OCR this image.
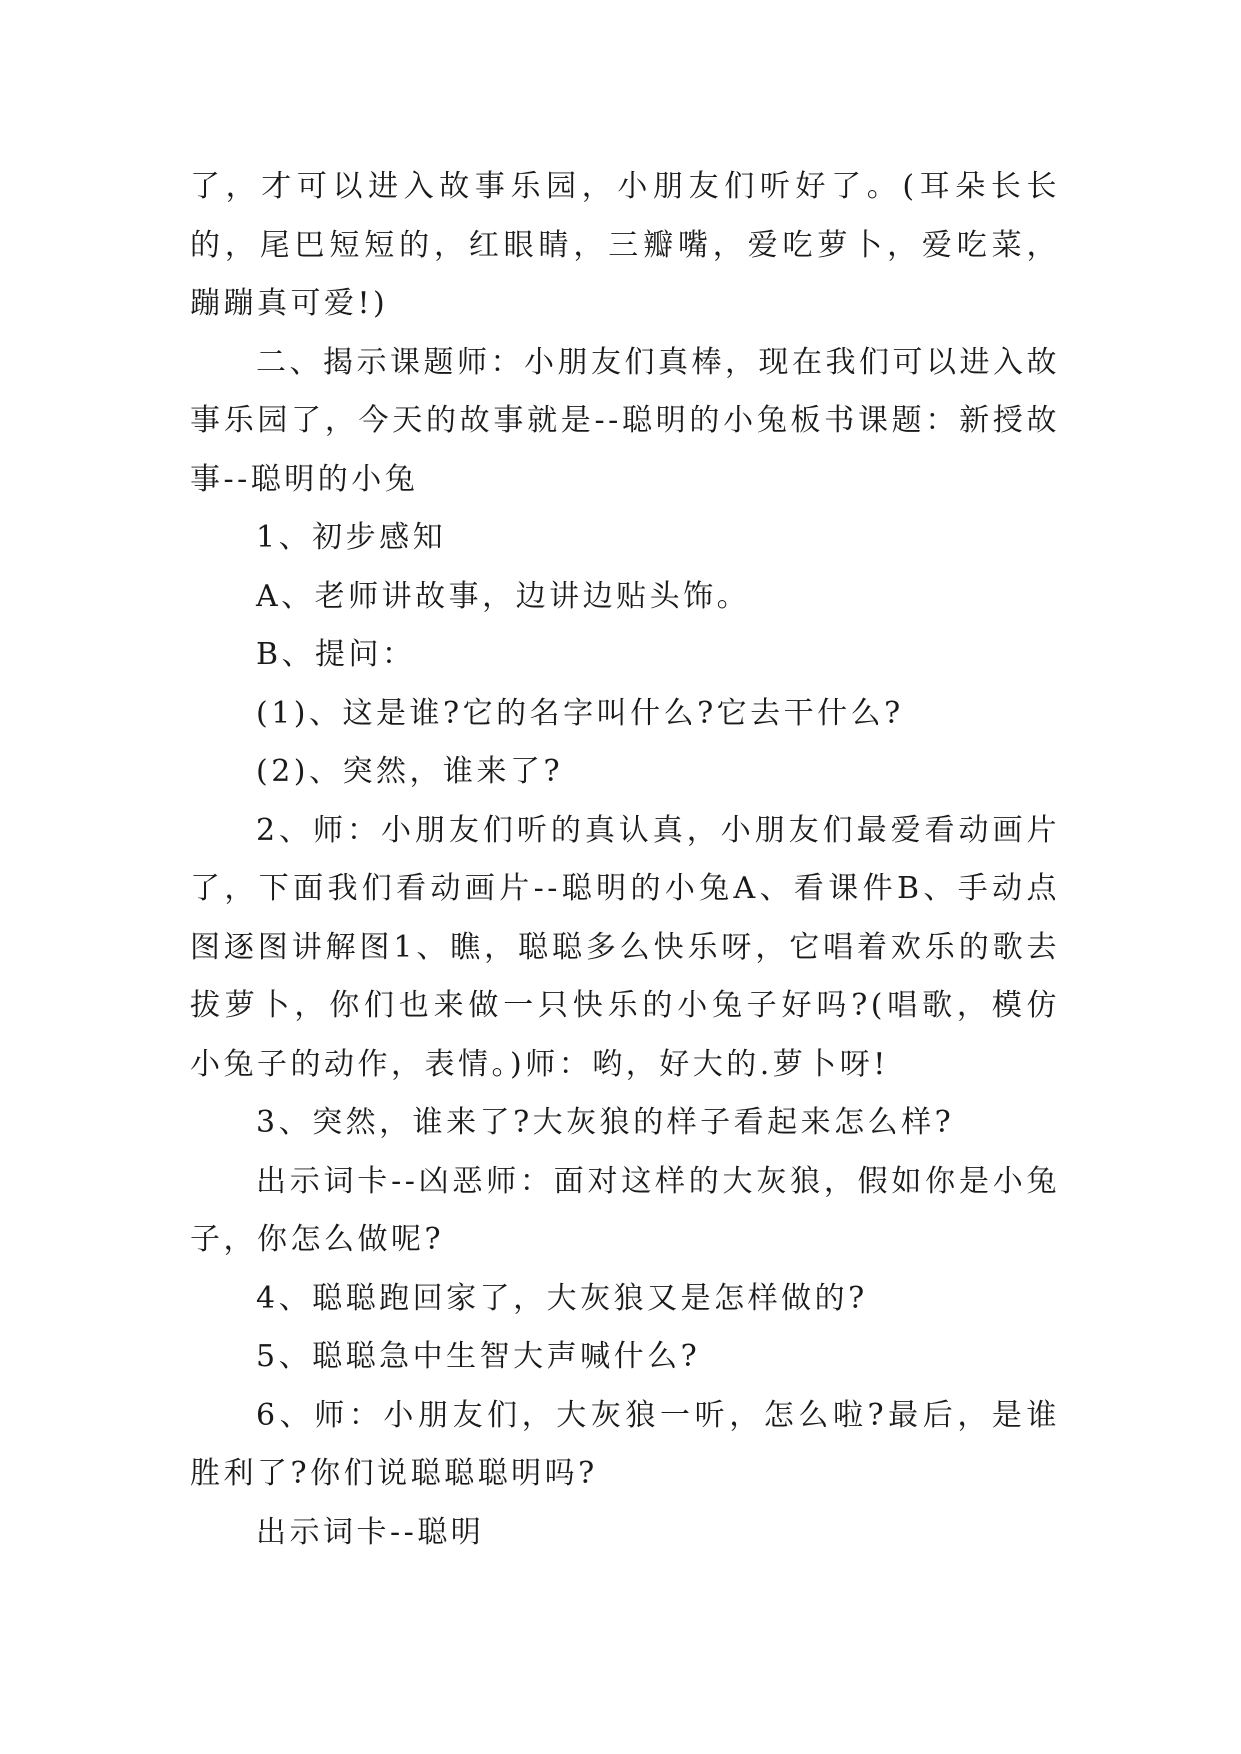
了，才可以进入故事乐园，小朋友们听好了。(耳朵长长的，尾巴短短的，红眼睛，三瓣嘴，爱吃萝卜，爱吃菜，蹦蹦真可爱!)

二、揭示课题师：小朋友们真棒，现在我们可以进入故事乐园了，今天的故事就是--聪明的小兔板书课题：新授故事--聪明的小兔

1、初步感知

A、老师讲故事，边讲边贴头饰。

B、提问：

(1)、这是谁?它的名字叫什么?它去干什么?

(2)、突然，谁来了?

2、师：小朋友们听的真认真，小朋友们最爱看动画片了，下面我们看动画片--聪明的小兔A、看课件B、手动点图逐图讲解图1、瞧，聪聪多么快乐呀，它唱着欢乐的歌去拔萝卜，你们也来做一只快乐的小兔子好吗?(唱歌，模仿小兔子的动作，表情。)师：哟，好大的.萝卜呀!

3、突然，谁来了?大灰狼的样子看起来怎么样?

出示词卡--凶恶师：面对这样的大灰狼，假如你是小兔子，你怎么做呢?

4、聪聪跑回家了，大灰狼又是怎样做的?

5、聪聪急中生智大声喊什么?

6、师：小朋友们，大灰狼一听，怎么啦?最后，是谁胜利了?你们说聪聪聪明吗?

出示词卡--聪明
